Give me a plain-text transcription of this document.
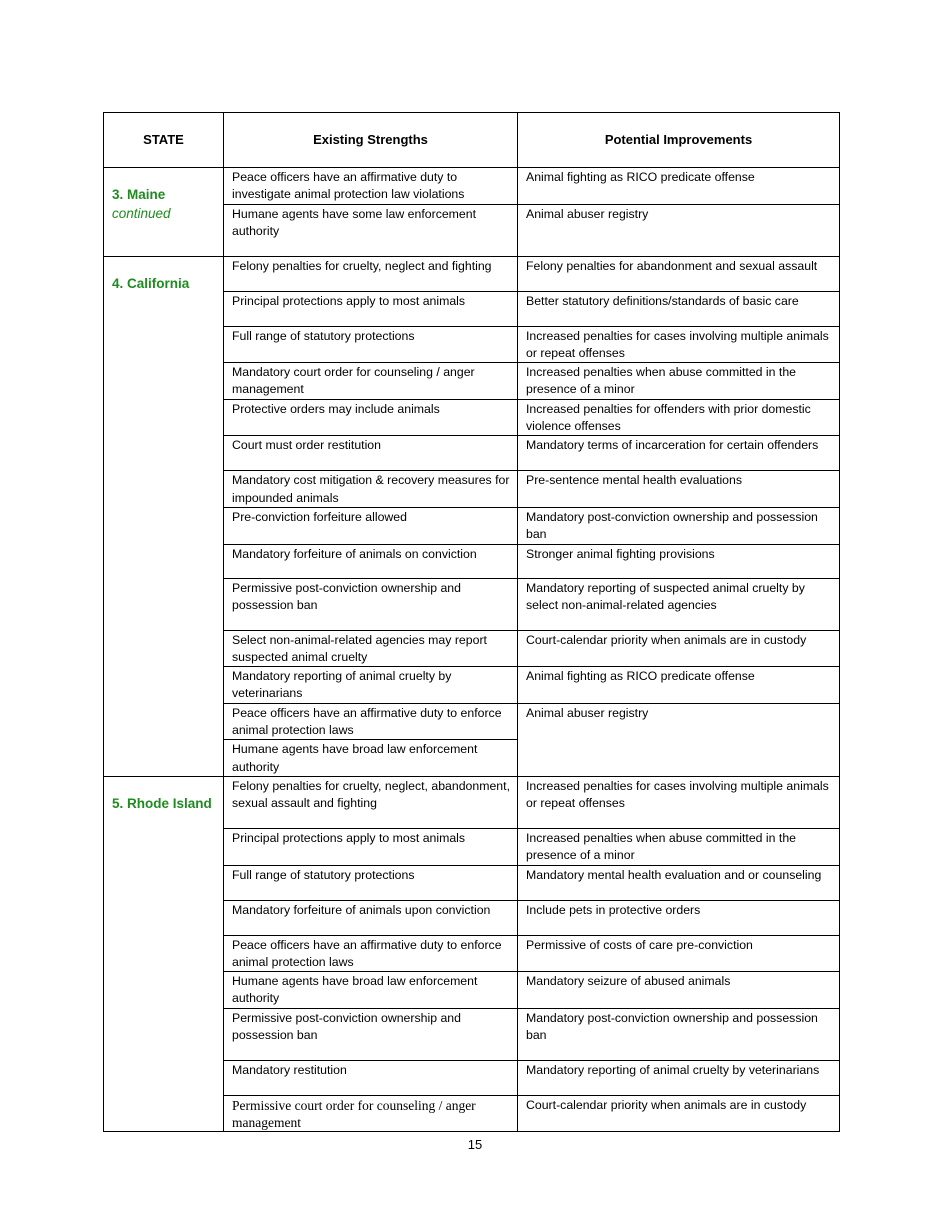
STATE	Existing Strengths	Potential Improvements
3. Maine
continued	Peace officers have an affirmative duty to investigate animal protection law violations	Animal fighting as RICO predicate offense
	Humane agents have some law enforcement authority	Animal abuser registry
4. California	Felony penalties for cruelty, neglect and fighting	Felony penalties for abandonment and sexual assault
	Principal protections apply to most animals	Better statutory definitions/standards of basic care
	Full range of statutory protections	Increased penalties for cases involving multiple animals or repeat offenses
	Mandatory court order for counseling / anger management	Increased penalties when abuse committed in the presence of a minor
	Protective orders may include animals	Increased penalties for offenders with prior domestic violence offenses
	Court must order restitution	Mandatory terms of incarceration for certain offenders
	Mandatory cost mitigation & recovery measures for impounded animals	Pre-sentence mental health evaluations
	Pre-conviction forfeiture allowed	Mandatory post-conviction ownership and possession ban
	Mandatory forfeiture of animals on conviction	Stronger animal fighting provisions
	Permissive post-conviction ownership and possession ban	Mandatory reporting of suspected animal cruelty by select non-animal-related agencies
	Select non-animal-related agencies may report suspected animal cruelty	Court-calendar priority when animals are in custody
	Mandatory reporting of animal cruelty by veterinarians	Animal fighting as RICO predicate offense
	Peace officers have an affirmative duty to enforce animal protection laws	Animal abuser registry
	Humane agents have broad law enforcement authority	
5. Rhode Island	Felony penalties for cruelty, neglect, abandonment, sexual assault and fighting	Increased penalties for cases involving multiple animals or repeat offenses
	Principal protections apply to most animals	Increased penalties when abuse committed in the presence of a minor
	Full range of statutory protections	Mandatory mental health evaluation and or counseling
	Mandatory forfeiture of animals upon conviction	Include pets in protective orders
	Peace officers have an affirmative duty to enforce animal protection laws	Permissive of costs of care pre-conviction
	Humane agents have broad law enforcement authority	Mandatory seizure of abused animals
	Permissive post-conviction ownership and possession ban	Mandatory post-conviction ownership and possession ban
	Mandatory restitution	Mandatory reporting of animal cruelty by veterinarians
	Permissive court order for counseling / anger management	Court-calendar priority when animals are in custody
15
